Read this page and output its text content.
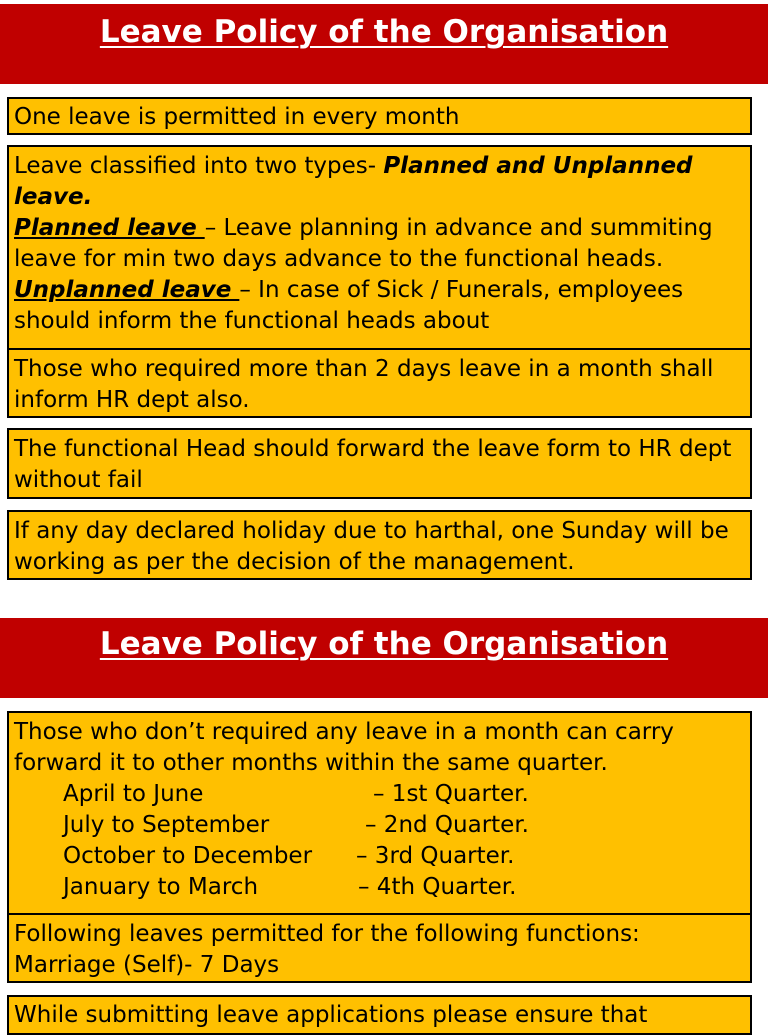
Leave Policy of the Organisation

One leave is permitted in every month

Leave classified into two types- Planned and Unplanned leave.

Planned leave – Leave planning in advance and summiting leave for min two days advance to the functional heads.

Unplanned leave – In case of Sick / Funerals, employees should inform the functional heads about

Those who required more than 2 days leave in a month shall inform HR dept also.

The functional Head should forward the leave form to HR dept without fail

If any day declared holiday due to harthal, one Sunday will be working as per the decision of the management.

Leave Policy of the Organisation

Those who don’t required any leave in a month can carry forward it to other months within the same quarter.

April to June	– 1st Quarter.
July to September	– 2nd Quarter.
October to December	– 3rd Quarter.
January to March	– 4th Quarter.

Following leaves permitted for the following functions:

Marriage (Self)- 7 Days

While submitting leave applications please ensure that
